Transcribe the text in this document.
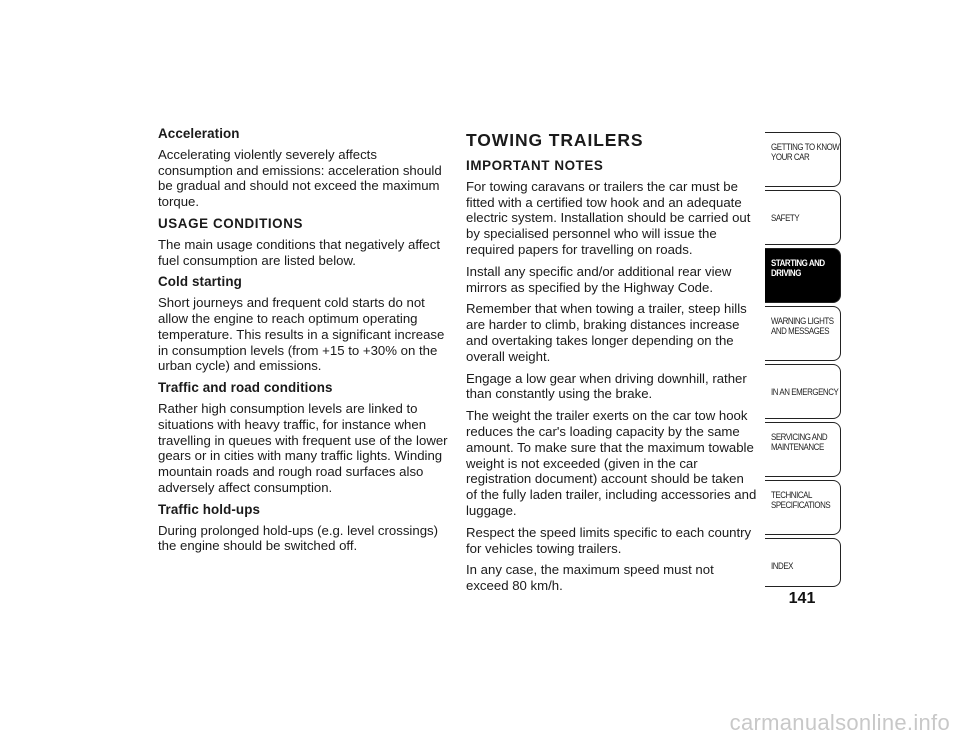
Acceleration

Accelerating violently severely affects consumption and emissions: acceleration should be gradual and should not exceed the maximum torque.

USAGE CONDITIONS

The main usage conditions that negatively affect fuel consumption are listed below.

Cold starting

Short journeys and frequent cold starts do not allow the engine to reach optimum operating temperature. This results in a significant increase in consumption levels (from +15 to +30% on the urban cycle) and emissions.

Traffic and road conditions

Rather high consumption levels are linked to situations with heavy traffic, for instance when travelling in queues with frequent use of the lower gears or in cities with many traffic lights. Winding mountain roads and rough road surfaces also adversely affect consumption.

Traffic hold-ups

During prolonged hold-ups (e.g. level crossings) the engine should be switched off.

TOWING TRAILERS
IMPORTANT NOTES

For towing caravans or trailers the car must be fitted with a certified tow hook and an adequate electric system. Installation should be carried out by specialised personnel who will issue the required papers for travelling on roads.

Install any specific and/or additional rear view mirrors as specified by the Highway Code.

Remember that when towing a trailer, steep hills are harder to climb, braking distances increase and overtaking takes longer depending on the overall weight.

Engage a low gear when driving downhill, rather than constantly using the brake.

The weight the trailer exerts on the car tow hook reduces the car's loading capacity by the same amount. To make sure that the maximum towable weight is not exceeded (given in the car registration document) account should be taken of the fully laden trailer, including accessories and luggage.

Respect the speed limits specific to each country for vehicles towing trailers.

In any case, the maximum speed must not exceed 80 km/h.

GETTING TO KNOW
YOUR CAR
SAFETY
STARTING AND
DRIVING
WARNING LIGHTS
AND MESSAGES
IN AN EMERGENCY
SERVICING AND
MAINTENANCE
TECHNICAL
SPECIFICATIONS
INDEX
141
carmanualsonline.info
